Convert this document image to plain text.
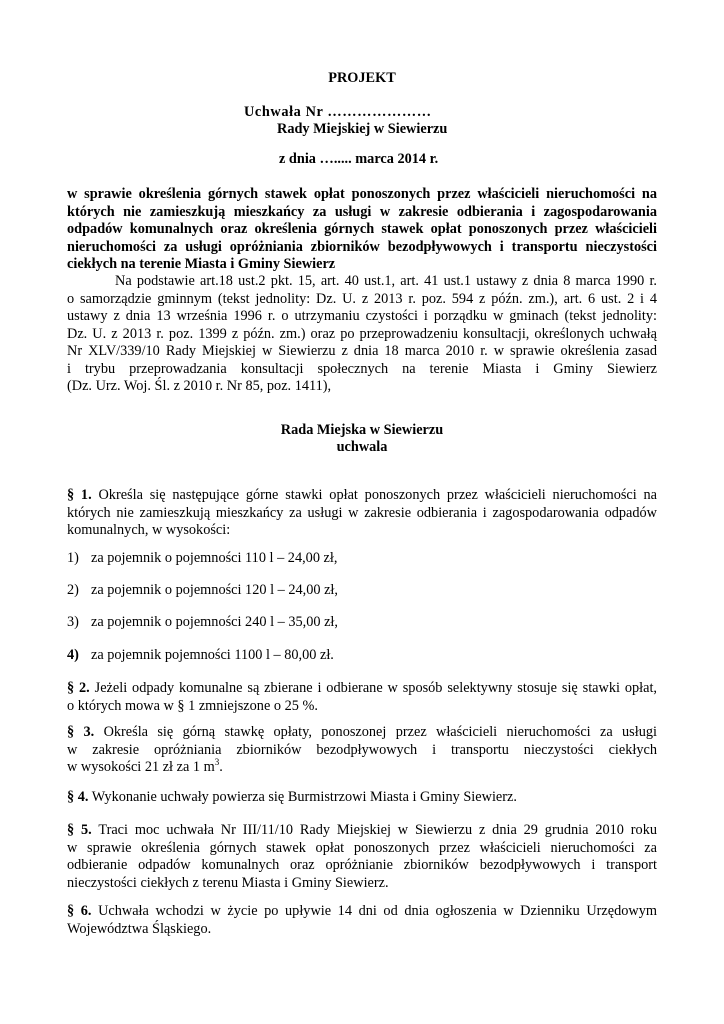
PROJEKT
Uchwała Nr …………………
Rady Miejskiej w Siewierzu
z dnia …..... marca 2014 r.
w sprawie określenia górnych stawek opłat ponoszonych przez właścicieli nieruchomości na
których nie zamieszkują mieszkańcy za usługi w zakresie odbierania i zagospodarowania
odpadów komunalnych oraz określenia górnych stawek opłat ponoszonych przez właścicieli
nieruchomości za usługi opróżniania zbiorników bezodpływowych i transportu nieczystości
ciekłych na terenie Miasta i Gminy Siewierz
Na podstawie art.18 ust.2 pkt. 15, art. 40 ust.1, art. 41 ust.1 ustawy z dnia 8 marca 1990 r.
o samorządzie gminnym (tekst jednolity: Dz. U. z 2013 r. poz. 594 z późn. zm.), art. 6 ust. 2 i 4
ustawy z dnia 13 września 1996 r. o utrzymaniu czystości i porządku w gminach (tekst jednolity:
Dz. U. z 2013 r. poz. 1399 z późn. zm.) oraz po przeprowadzeniu konsultacji, określonych uchwałą
Nr XLV/339/10 Rady Miejskiej w Siewierzu z dnia 18 marca 2010 r. w sprawie określenia zasad
i trybu przeprowadzania konsultacji społecznych na terenie Miasta i Gminy Siewierz
(Dz. Urz. Woj. Śl. z 2010 r. Nr 85, poz. 1411),
Rada Miejska w Siewierzu
uchwala
§ 1. Określa się następujące górne stawki opłat ponoszonych przez właścicieli nieruchomości na
których nie zamieszkują mieszkańcy za usługi w zakresie odbierania i zagospodarowania odpadów
komunalnych, w wysokości:
1) za pojemnik o pojemności 110 l – 24,00 zł,
2) za pojemnik o pojemności 120 l – 24,00 zł,
3) za pojemnik o pojemności 240 l – 35,00 zł,
4) za pojemnik pojemności 1100 l – 80,00 zł.
§ 2. Jeżeli odpady komunalne są zbierane i odbierane w sposób selektywny stosuje się stawki opłat,
o których mowa w § 1 zmniejszone o 25 %.
§ 3. Określa się górną stawkę opłaty, ponoszonej przez właścicieli nieruchomości za usługi
w zakresie opróżniania zbiorników bezodpływowych i transportu nieczystości ciekłych
w wysokości 21 zł za 1 $m^3$.
§ 4. Wykonanie uchwały powierza się Burmistrzowi Miasta i Gminy Siewierz.
§ 5. Traci moc uchwała Nr III/11/10 Rady Miejskiej w Siewierzu z dnia 29 grudnia 2010 roku
w sprawie określenia górnych stawek opłat ponoszonych przez właścicieli nieruchomości za
odbieranie odpadów komunalnych oraz opróżnianie zbiorników bezodpływowych i transport
nieczystości ciekłych z terenu Miasta i Gminy Siewierz.
§ 6. Uchwała wchodzi w życie po upływie 14 dni od dnia ogłoszenia w Dzienniku Urzędowym
Województwa Śląskiego.
